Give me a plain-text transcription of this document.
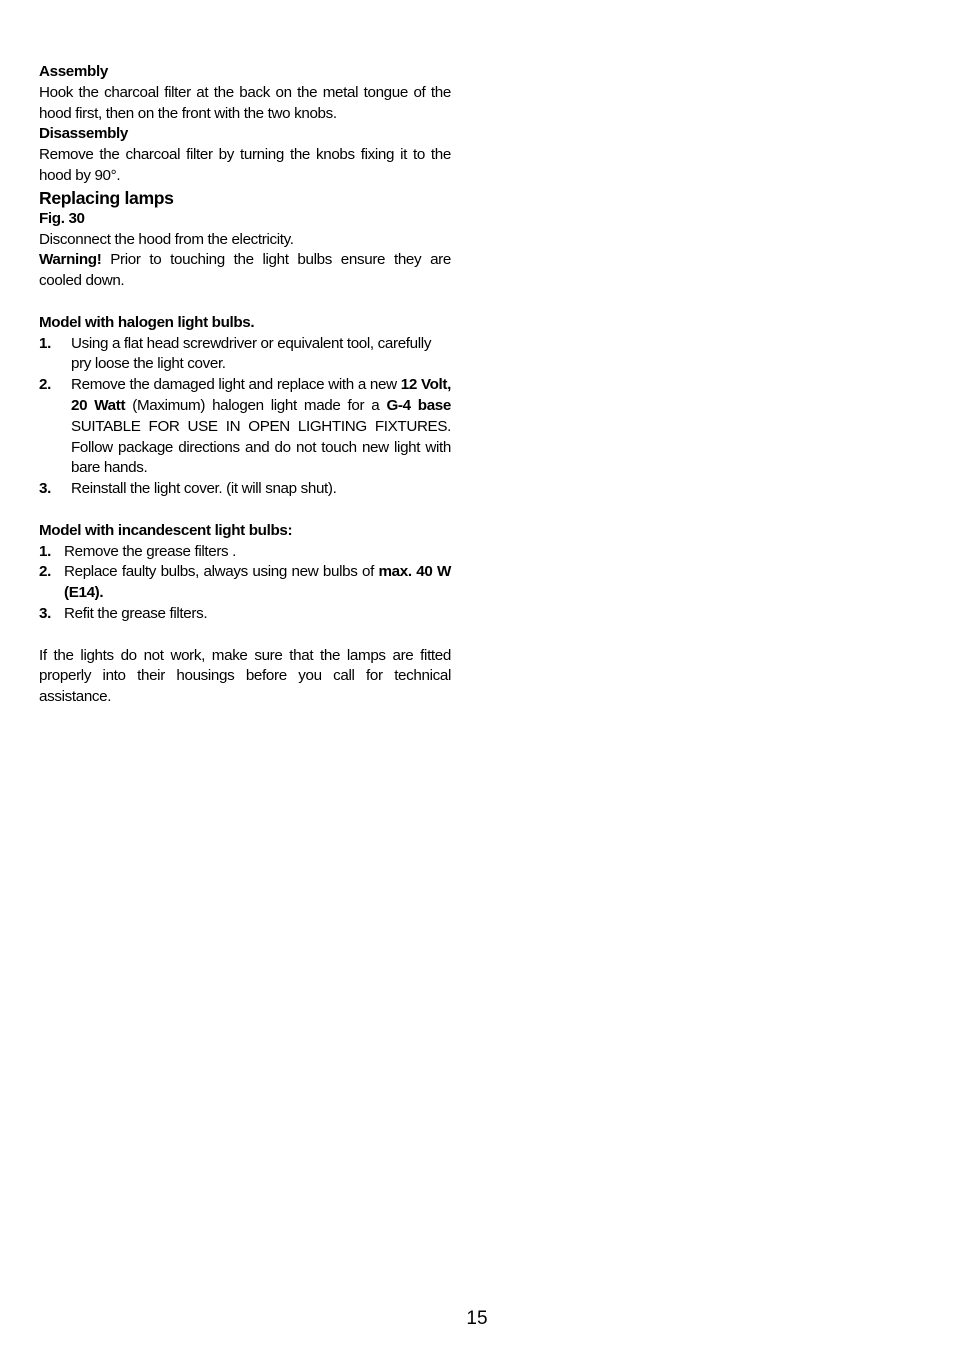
Assembly

Hook the charcoal filter at the back on the metal tongue of the hood first, then on the front with the two knobs.

Disassembly

Remove the charcoal filter by turning the knobs fixing it to the hood by 90°.

Replacing lamps

Fig. 30

Disconnect the hood from the electricity.

Warning! Prior to touching the light bulbs ensure they are cooled down.

Model with halogen light bulbs.

1. Using a flat head screwdriver or equivalent tool, carefully pry loose the light cover.
2. Remove the damaged light and replace with a new 12 Volt, 20 Watt (Maximum) halogen light made for a G-4 base SUITABLE FOR USE IN OPEN LIGHTING FIXTURES. Follow package directions and do not touch new light with bare hands.
3. Reinstall the light cover. (it will snap shut).

Model with incandescent light bulbs:

1. Remove the grease filters .
2. Replace faulty bulbs, always using new bulbs of max. 40 W (E14).
3. Refit the grease filters.

If the lights do not work, make sure that the lamps are fitted properly into their housings before you call for technical assistance.

15
